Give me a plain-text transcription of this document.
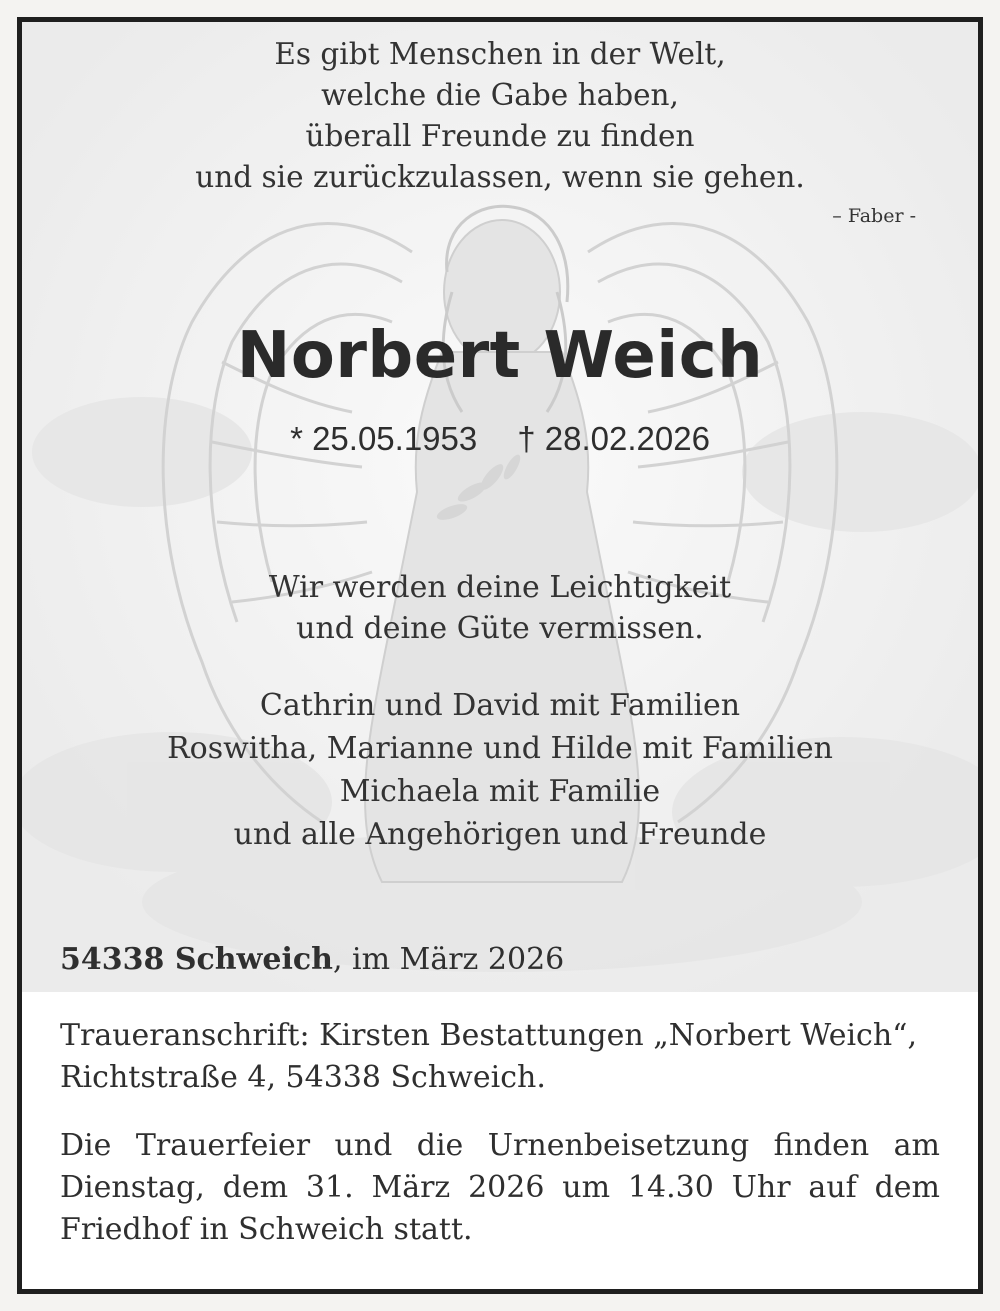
Es gibt Menschen in der Welt,
welche die Gabe haben,
überall Freunde zu finden
und sie zurückzulassen, wenn sie gehen.
– Faber -
Norbert Weich
* 25.05.1953 † 28.02.2026
Wir werden deine Leichtigkeit
und deine Güte vermissen.
Cathrin und David mit Familien
Roswitha, Marianne und Hilde mit Familien
Michaela mit Familie
und alle Angehörigen und Freunde
54338 Schweich, im März 2026
Traueranschrift: Kirsten Bestattungen „Norbert Weich“,
Richtstraße 4, 54338 Schweich.
Die Trauerfeier und die Urnenbeisetzung finden am Dienstag, dem 31. März 2026 um 14.30 Uhr auf dem Friedhof in Schweich statt.
